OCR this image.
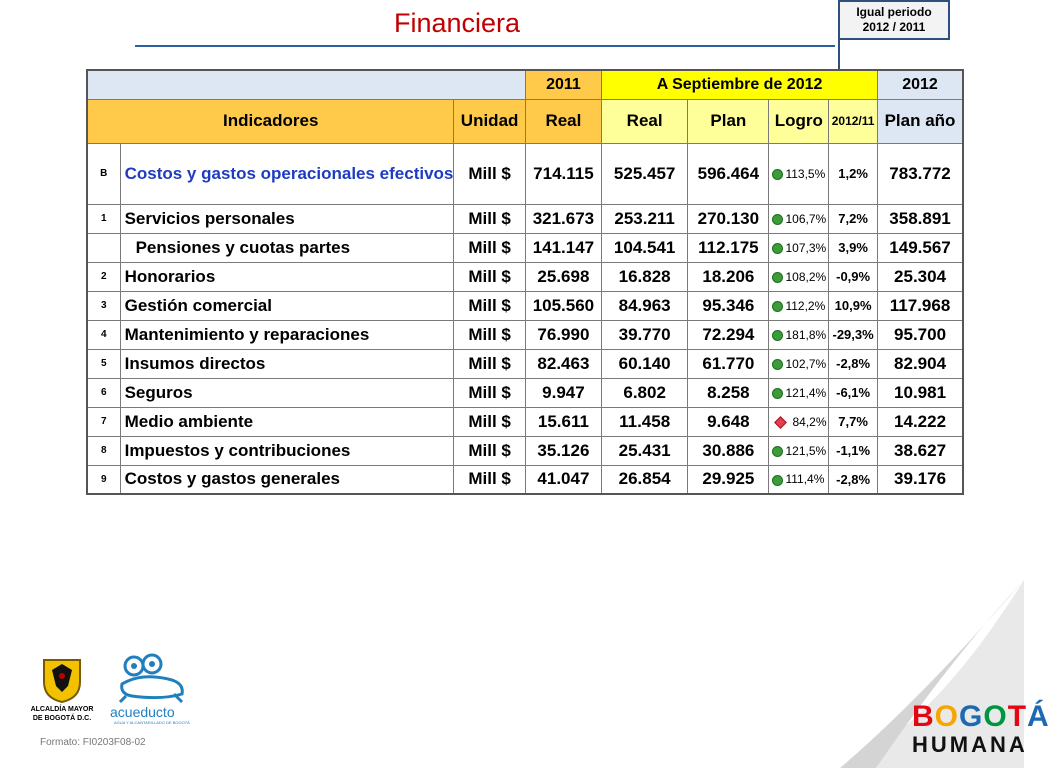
Financiera	Igual periodo
2012 / 2011
			2011	A Septiembre de 2012				2012
Indicadores		Unidad	Real	Real	Plan	Logro	2012/11	Plan año
B	Costos y gastos operacionales efectivos	Mill $	714.115	525.457	596.464	113,5%	1,2%	783.772
1	Servicios personales	Mill $	321.673	253.211	270.130	106,7%	7,2%	358.891
	Pensiones y cuotas partes	Mill $	141.147	104.541	112.175	107,3%	3,9%	149.567
2	Honorarios	Mill $	25.698	16.828	18.206	108,2%	-0,9%	25.304
3	Gestión comercial	Mill $	105.560	84.963	95.346	112,2%	10,9%	117.968
4	Mantenimiento y reparaciones	Mill $	76.990	39.770	72.294	181,8%	-29,3%	95.700
5	Insumos directos	Mill $	82.463	60.140	61.770	102,7%	-2,8%	82.904
6	Seguros	Mill $	9.947	6.802	8.258	121,4%	-6,1%	10.981
7	Medio ambiente	Mill $	15.611	11.458	9.648	84,2%	7,7%	14.222
8	Impuestos y contribuciones	Mill $	35.126	25.431	30.886	121,5%	-1,1%	38.627
9	Costos y gastos generales	Mill $	41.047	26.854	29.925	111,4%	-2,8%	39.176
ALCALDÍA MAYOR
DE BOGOTÁ D.C.	acueducto
AGUA Y ALCANTARILLADO DE BOGOTÁ
Formato: FI0203F08-02
BOGOTÁ
HUMANA
